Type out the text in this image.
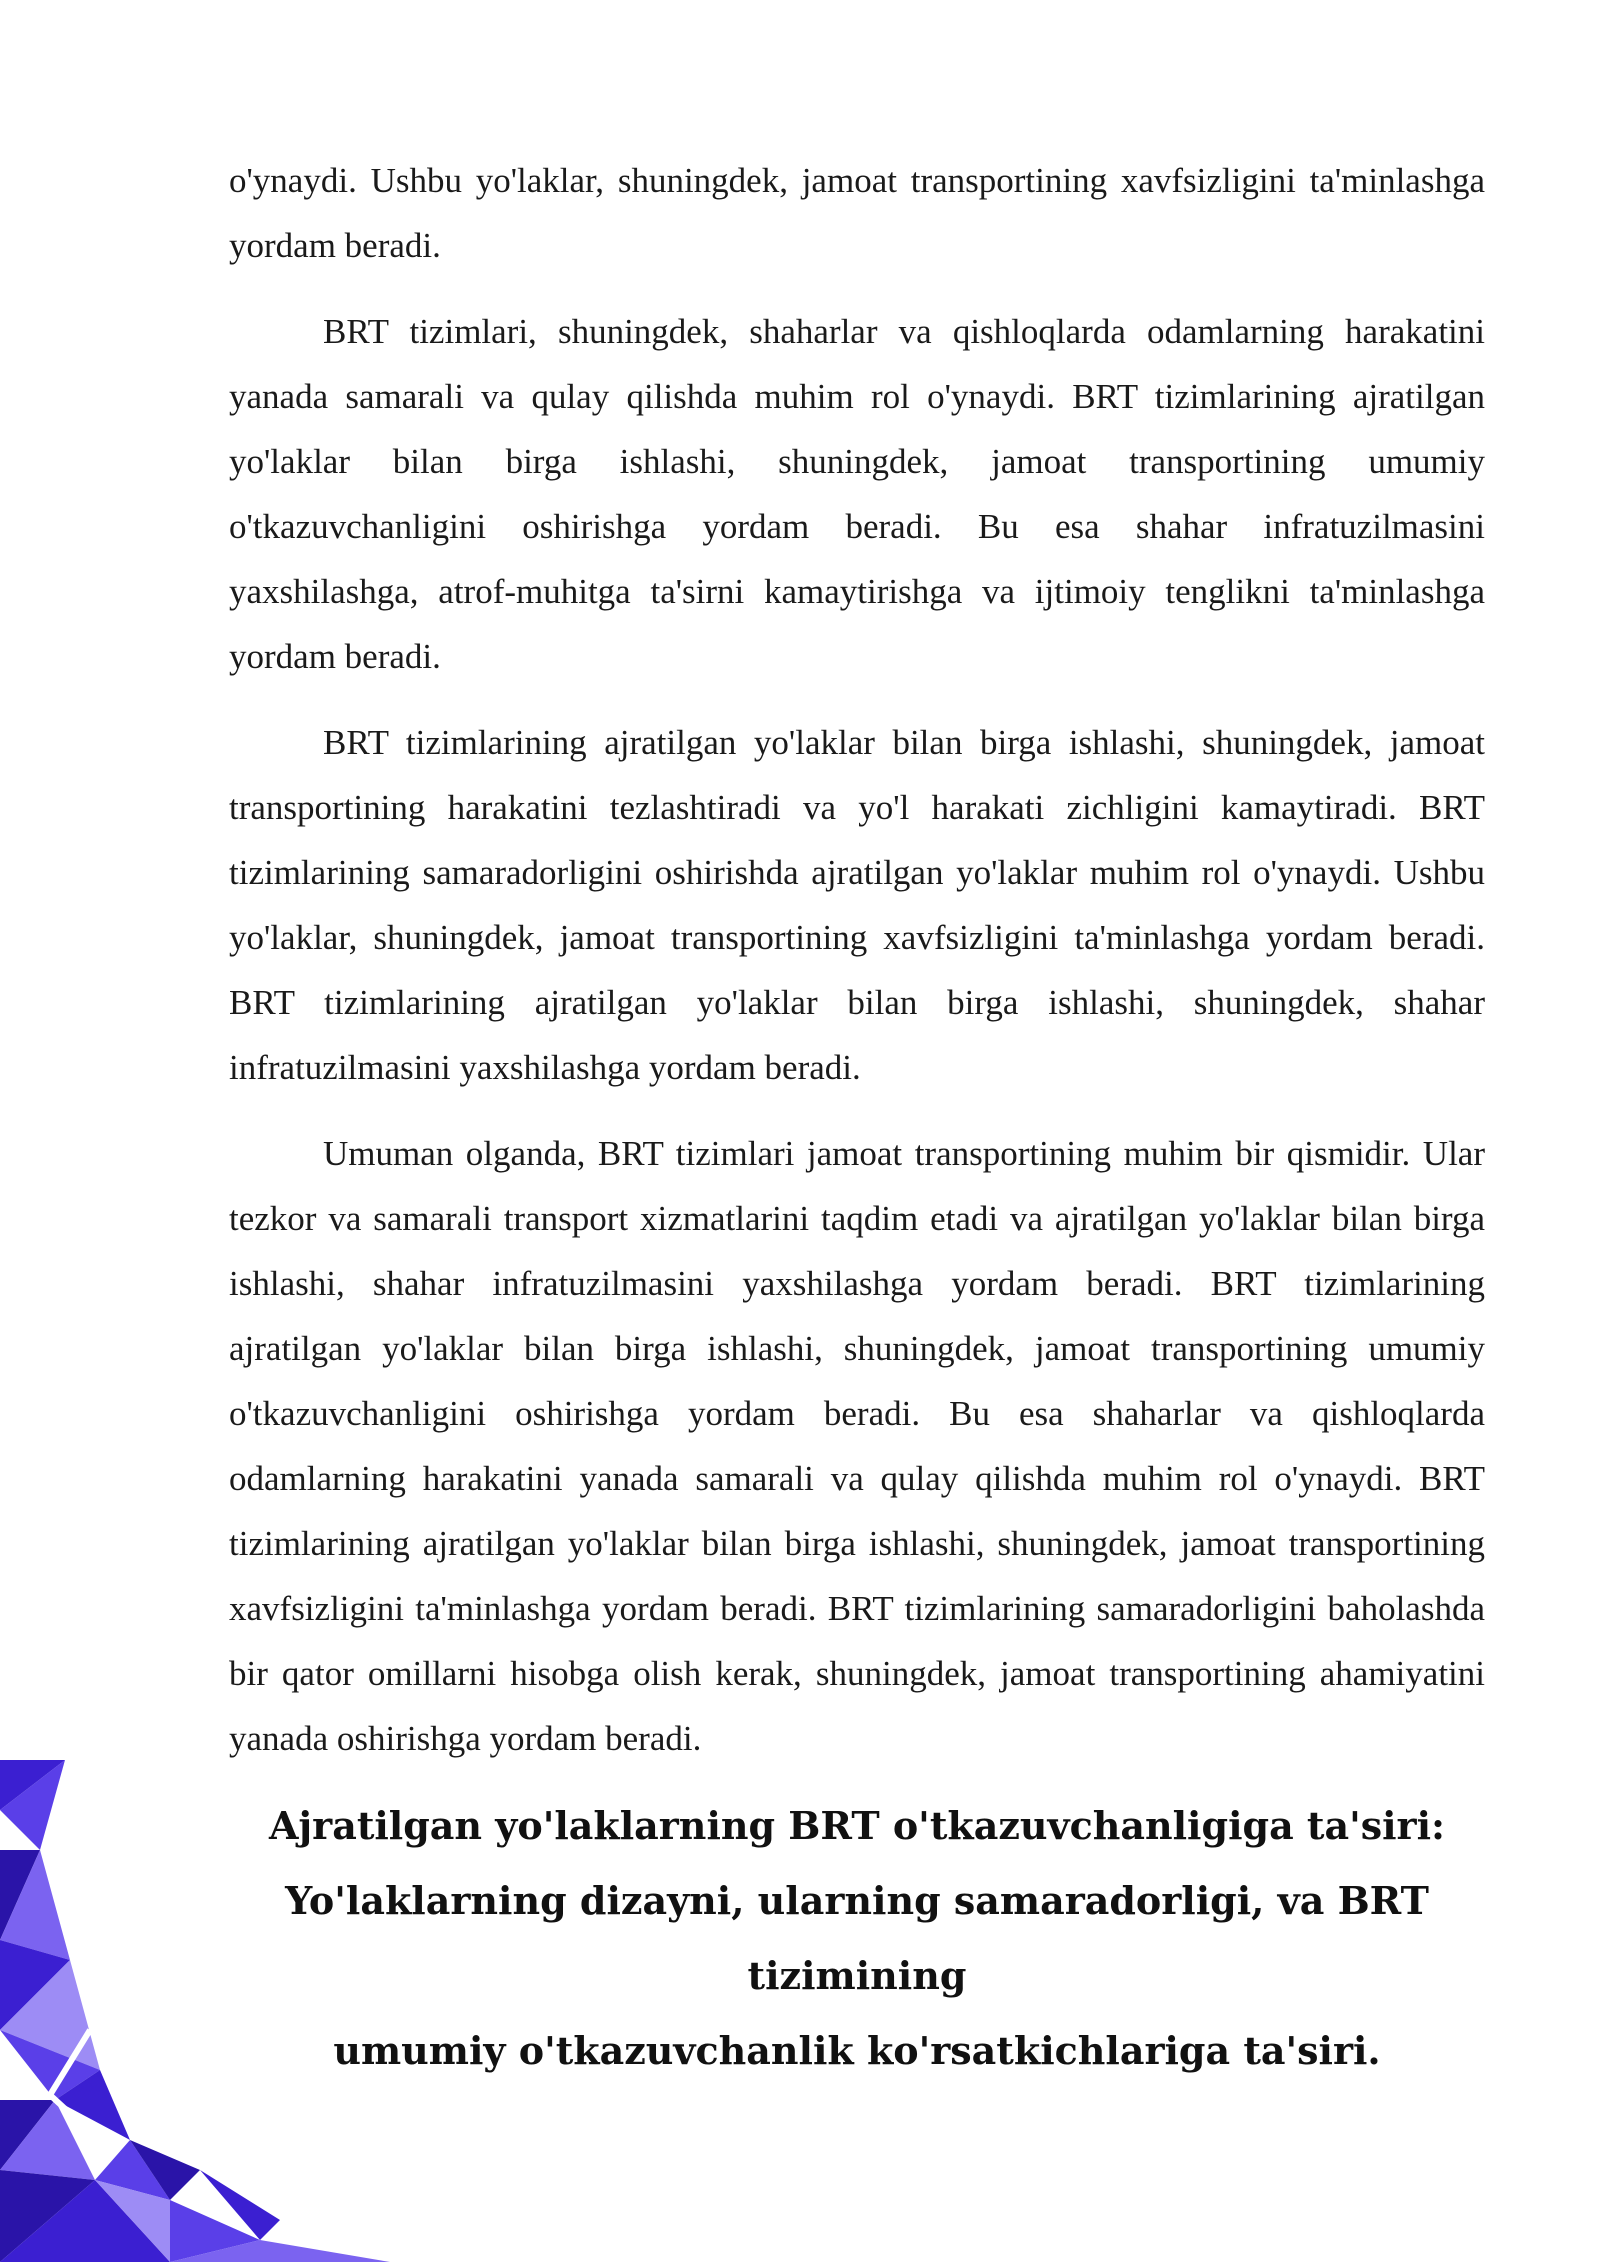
o'ynaydi. Ushbu yo'laklar, shuningdek, jamoat transportining xavfsizligini ta'minlashga yordam beradi.

BRT tizimlari, shuningdek, shaharlar va qishloqlarda odamlarning harakatini yanada samarali va qulay qilishda muhim rol o'ynaydi. BRT tizimlarining ajratilgan yo'laklar bilan birga ishlashi, shuningdek, jamoat transportining umumiy o'tkazuvchanligini oshirishga yordam beradi. Bu esa shahar infratuzilmasini yaxshilashga, atrof-muhitga ta'sirni kamaytirishga va ijtimoiy tenglikni ta'minlashga yordam beradi.

BRT tizimlarining ajratilgan yo'laklar bilan birga ishlashi, shuningdek, jamoat transportining harakatini tezlashtiradi va yo'l harakati zichligini kamaytiradi. BRT tizimlarining samaradorligini oshirishda ajratilgan yo'laklar muhim rol o'ynaydi. Ushbu yo'laklar, shuningdek, jamoat transportining xavfsizligini ta'minlashga yordam beradi. BRT tizimlarining ajratilgan yo'laklar bilan birga ishlashi, shuningdek, shahar infratuzilmasini yaxshilashga yordam beradi.

Umuman olganda, BRT tizimlari jamoat transportining muhim bir qismidir. Ular tezkor va samarali transport xizmatlarini taqdim etadi va ajratilgan yo'laklar bilan birga ishlashi, shahar infratuzilmasini yaxshilashga yordam beradi. BRT tizimlarining ajratilgan yo'laklar bilan birga ishlashi, shuningdek, jamoat transportining umumiy o'tkazuvchanligini oshirishga yordam beradi. Bu esa shaharlar va qishloqlarda odamlarning harakatini yanada samarali va qulay qilishda muhim rol o'ynaydi. BRT tizimlarining ajratilgan yo'laklar bilan birga ishlashi, shuningdek, jamoat transportining xavfsizligini ta'minlashga yordam beradi. BRT tizimlarining samaradorligini baholashda bir qator omillarni hisobga olish kerak, shuningdek, jamoat transportining ahamiyatini yanada oshirishga yordam beradi.

Ajratilgan yo'laklarning BRT o'tkazuvchanligiga ta'siri:
Yo'laklarning dizayni, ularning samaradorligi, va BRT tizimining
umumiy o'tkazuvchanlik ko'rsatkichlariga ta'siri.
